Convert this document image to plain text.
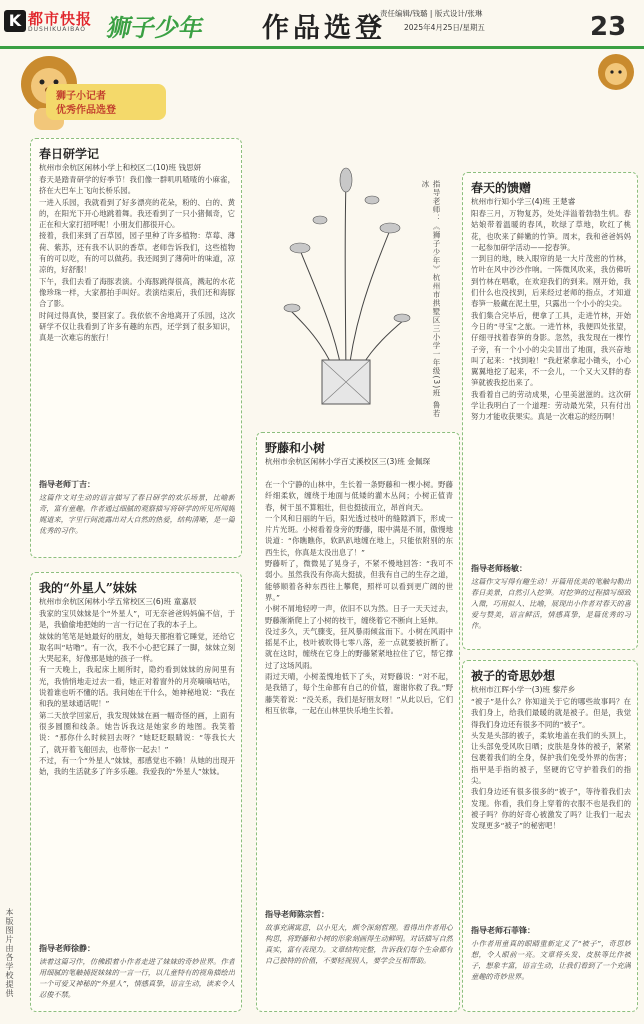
K 都市快报
DUSHIKUAIBAO 狮子少年 作品选登
责任编辑/钱璐 | 版式设计/张琳
2025年4月25日/星期五	23
狮子小记者
优秀作品选登
春日研学记
杭州市余杭区闲林小学上和校区二(10)班 钱思妍
春天是踏青研学的好季节！我们像一群叽叽喳喳的小麻雀，挤在大巴车上飞向长桥乐园。
一进入乐园，我就看到了好多漂亮的花朵，粉的、白的、黄的，在阳光下开心地跳着舞。我还看到了一只小猪佩奇，它正在和大家打招呼呢！小朋友们都很开心。
接着，我们来到了百草园，园子里种了许多植物：草莓、薄荷、紫苏，还有我不认识的香草。老师告诉我们，这些植物有的可以吃，有的可以做药。我还闻到了薄荷叶的味道，凉凉的，好舒服！
下午，我们去看了海豚表演。小海豚跳得很高，溅起的水花像珍珠一样，大家都拍手叫好。表演结束后，我们还和海豚合了影。
时间过得真快，要回家了。我依依不舍地离开了乐园，这次研学不仅让我看到了许多有趣的东西，还学到了很多知识，真是一次难忘的旅行！
指导老师丁吉：
这篇作文对生动的语言描写了春日研学的欢乐场景，比喻新奇，富有童趣。作者通过细腻的观察描写将研学的所见所闻娓娓道来，字里行间流露出对大自然的热爱，结构清晰，是一篇优秀的习作。
我的“外星人”妹妹
杭州市余杭区闲林小学五常校区三(6)班 童嘉辰
我家的宝贝妹妹是个“外星人”，可无奈爸爸妈妈偏不信，于是，我偷偷地把她的一言一行记在了我的本子上。
妹妹的笔笔是她最好的朋友，她每天都抱着它睡觉，还给它取名叫“咕噜”。有一次，我不小心把它踩了一脚，妹妹立刻大哭起来，好像那是她的孩子一样。
有一天晚上，我起床上厕所时，隐约看到妹妹的房间里有光，我悄悄地走过去一看，她正对着窗外的月亮嘀嘀咕咕，说着谁也听不懂的话。我问她在干什么，她神秘地说：“我在和我的星球通话呢！”
第二天放学回家后，我发现妹妹在画一幅奇怪的画，上面有很多圆圈和线条。她告诉我这是她家乡的地图。我笑着说：“那你什么时候回去呀？”她眨眨眼睛说：“等我长大了，就开着飞船回去，也带你一起去！”
不过，有一个“外星人”妹妹，那感觉也不赖！从她的出现开始，我的生活就多了许多乐趣。我爱我的“外星人”妹妹。
指导老师徐静：
读着这篇习作，仿佛跟着小作者走进了妹妹的奇妙世界。作者用细腻的笔触捕捉妹妹的一言一行，以儿童特有的视角描绘出一个可爱又神秘的“外星人”，情感真挚，语言生动，读来令人忍俊不禁。
本版图片由各学校提供
指导老师：《狮子少年》杭州市拱墅区三小学一年级(3)班 鲁若冰
野藤和小树
杭州市余杭区闲林小学百丈溪校区三(3)班 金佩琛
在一个宁静的山林中，生长着一条野藤和一棵小树。野藤纤细柔软，缠绕于地面与低矮的灌木丛间；小树正值青春，树干虽不算粗壮，但也挺拔而立，昂首向天。
一个风和日丽的午后，阳光透过枝叶的缝隙洒下，形成一片片光斑。小树看着身旁的野藤，眼中满是不屑，傲慢地说道：“你瞧瞧你，软趴趴地缠在地上，只能依附别的东西生长，你真是太没出息了！”
野藤听了，微微晃了晃身子，不紧不慢地回答：“我可不弱小。虽然我没有你高大挺拔，但我有自己的生存之道，能够顺着各种东西往上攀爬，照样可以看到更广阔的世界。”
小树不屑地轻哼一声，依旧不以为然。日子一天天过去，野藤渐渐爬上了小树的枝干，缠绕着它不断向上延伸。
没过多久，天气骤变，狂风暴雨倾盆而下。小树在风雨中摇晃不止，枝叶被吹得七零八落，差一点就要被折断了。就在这时，缠绕在它身上的野藤紧紧地拉住了它，帮它撑过了这场风雨。
雨过天晴，小树羞愧地低下了头，对野藤说：“对不起，是我错了，每个生命都有自己的价值，谢谢你救了我。”野藤笑着说：“没关系，我们是好朋友呀！”从此以后，它们相互依靠，一起在山林里快乐地生长着。
指导老师陈宗哲：
故事充满寓意，以小见大，颇令深刻哲理。看得出作者用心构思，将野藤和小树的形象刻画得生动鲜明。对话描写自然真实，富有表现力。文章结构完整，告诉我们每个生命都有自己独特的价值，不要轻视别人，要学会互相帮助。
春天的馈赠
杭州市行知小学三(4)班 王楚睿
阳春三月，万物复苏，处处洋溢着勃勃生机。春姑娘带着温暖的春风，吹绿了草地，吹红了桃花，也吹来了鲜嫩的竹笋。周末，我和爸爸妈妈一起参加研学活动——挖春笋。
一到目的地，映入眼帘的是一大片茂密的竹林，竹叶在风中沙沙作响。一阵微风吹来，我仿佛听到竹林在唱歌，在欢迎我们的到来。刚开始，我们什么也没找到，后来经过老师的指点，才知道春笋一般藏在泥土里，只露出一个小小的尖尖。
我们集合完毕后，便拿了工具，走进竹林，开始今日的“寻宝”之旅。一进竹林，我便四处张望，仔细寻找着春笋的身影。忽然，我发现在一棵竹子旁，有一个小小的尖尖冒出了地面，我兴奋地叫了起来：“找到啦！”我赶紧拿起小锄头，小心翼翼地挖了起来，不一会儿，一个又大又胖的春笋就被我挖出来了。
我看着自己的劳动成果，心里美滋滋的。这次研学让我明白了一个道理：劳动最光荣，只有付出努力才能收获果实。真是一次难忘的经历啊！
指导老师杨敏：
这篇作文写得有趣生动！开篇用优美的笔触勾勒出春日美景，自然引入挖笋。对挖笋的过程描写细致入微，巧用拟人、比喻，展现出小作者对春天的喜爱与赞美，语言鲜活，情感真挚，是篇优秀的习作。
被子的奇思妙想
杭州市江晖小学一(3)班 黎芹乡
“被子”是什么？你知道关于它的哪些故事吗？在我们身上，给我们最暖的就是被子。但是，我觉得我们身边还有很多不同的“被子”。
头发是头部的被子，柔软地盖在我们的头顶上，让头部免受风吹日晒；皮肤是身体的被子，紧紧包裹着我们的全身，保护我们免受外界的伤害；指甲是手指的被子，坚硬的它守护着我们的指尖。
我们身边还有很多很多的“被子”，等待着我们去发现。你看，我们身上穿着的衣服不也是我们的被子吗？你的好奇心被激发了吗？让我们一起去发现更多“被子”的秘密吧！
指导老师石菲锋：
小作者用童真的眼睛重新定义了“被子”，奇思妙想，令人眼前一亮。文章将头发、皮肤等比作被子，想象丰富，语言生动，让我们看到了一个充满童趣的奇妙世界。
